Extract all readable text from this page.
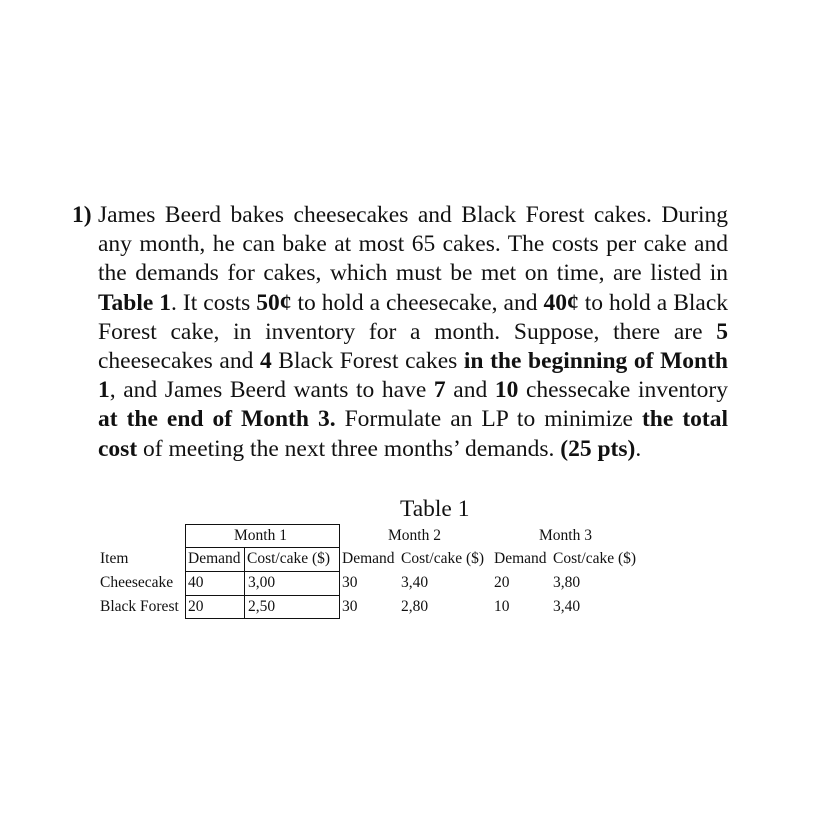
1) James Beerd bakes cheesecakes and Black Forest cakes. During any month, he can bake at most 65 cakes. The costs per cake and the demands for cakes, which must be met on time, are listed in Table 1. It costs 50¢ to hold a cheesecake, and 40¢ to hold a Black Forest cake, in inventory for a month. Suppose, there are 5 cheesecakes and 4 Black Forest cakes in the beginning of Month 1, and James Beerd wants to have 7 and 10 chessecake inventory at the end of Month 3. Formulate an LP to minimize the total cost of meeting the next three months’ demands. (25 pts).
Table 1
Month 1	Month 2	Month 3
Item	Demand Cost/cake ($) Demand Cost/cake ($) Demand Cost/cake ($)
Cheesecake 40	3,00	30	3,40	20	3,80
Black Forest 20	2,50	30	2,80	10	3,40
